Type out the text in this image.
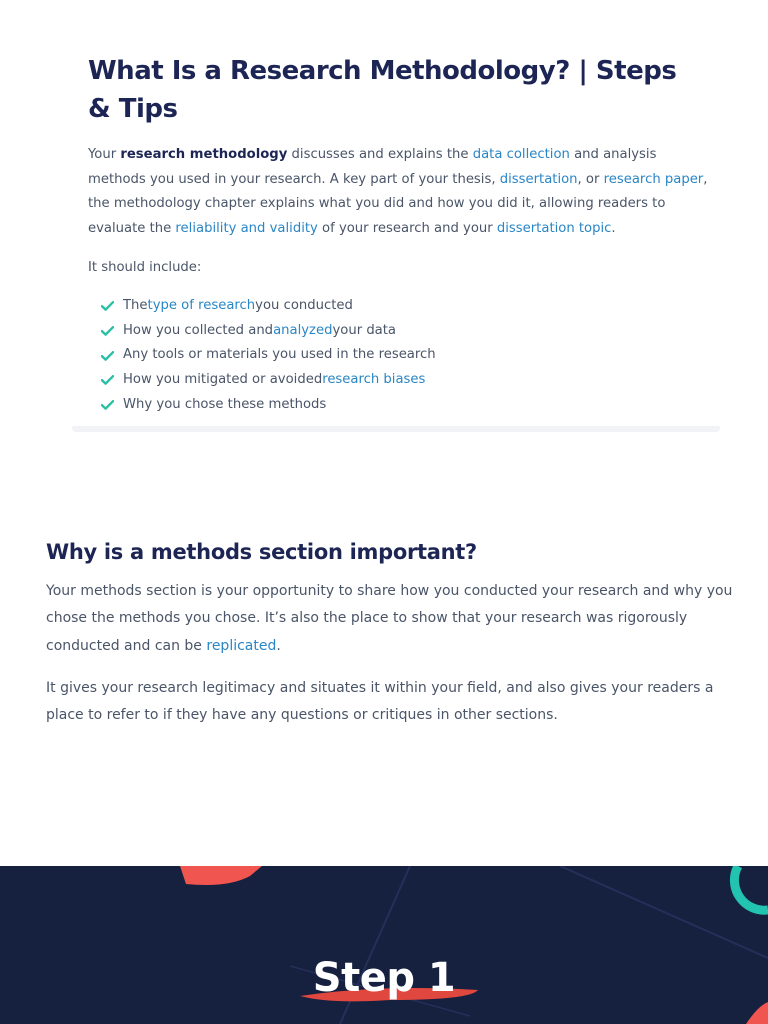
What Is a Research Methodology? | Steps & Tips

Your research methodology discusses and explains the data collection and analysis methods you used in your research. A key part of your thesis, dissertation, or research paper, the methodology chapter explains what you did and how you did it, allowing readers to evaluate the reliability and validity of your research and your dissertation topic.

It should include:

The type of research you conducted
How you collected and analyzed your data
Any tools or materials you used in the research
How you mitigated or avoided research biases
Why you chose these methods
Why is a methods section important?

Your methods section is your opportunity to share how you conducted your research and why you chose the methods you chose. It’s also the place to show that your research was rigorously conducted and can be replicated.

It gives your research legitimacy and situates it within your field, and also gives your readers a place to refer to if they have any questions or critiques in other sections.

Step 1
